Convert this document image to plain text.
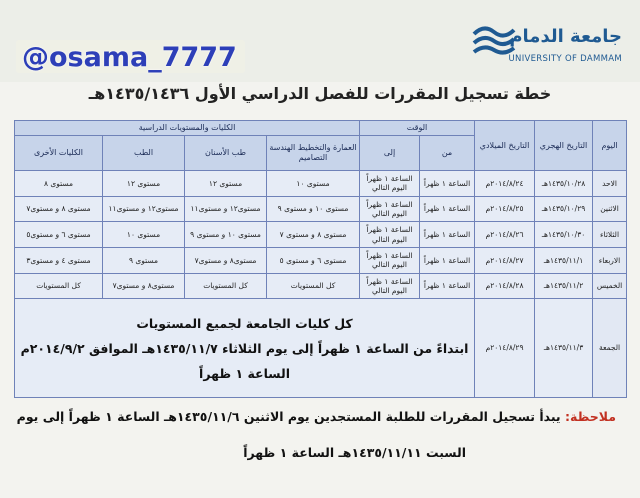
@osama_7777
جامعة الدمام
UNIVERSITY OF DAMMAM
خطة تسجيل المقررات للفصل الدراسي الأول ١٤٣٥/١٤٣٦هـ
اليوم	التاريخ الهجري	التاريخ الميلادي	الوقت		الكليات والمستويات الدراسية			
			من	إلى	العمارة والتخطيط الهندسة التصاميم	طب الأسنان	الطب	الكليات الأخرى
الاحد	١٤٣٥/١٠/٢٨هـ	٢٠١٤/٨/٢٤م	الساعة ١ ظهراً	الساعة ١ ظهراً اليوم التالي	مستوى ١٠	مستوى ١٢	مستوى ١٢	مستوى ٨
الاثنين	١٤٣٥/١٠/٢٩هـ	٢٠١٤/٨/٢٥م	الساعة ١ ظهراً	الساعة ١ ظهراً اليوم التالي	مستوى ١٠ و مستوى ٩	مستوى١٢ و مستوى١١	مستوى١٢ و مستوى١١	مستوى ٨ و مستوى٧
الثلاثاء	١٤٣٥/١٠/٣٠هـ	٢٠١٤/٨/٢٦م	الساعة ١ ظهراً	الساعة ١ ظهراً اليوم التالي	مستوى ٨ و مستوى ٧	مستوى ١٠ و مستوى ٩	مستوى ١٠	مستوى ٦ و مستوى٥
الاربعاء	١٤٣٥/١١/١هـ	٢٠١٤/٨/٢٧م	الساعة ١ ظهراً	الساعة ١ ظهراً اليوم التالي	مستوى ٦ و مستوى ٥	مستوى٨ و مستوى٧	مستوى ٩	مستوى ٤ و مستوى٣
الخميس	١٤٣٥/١١/٢هـ	٢٠١٤/٨/٢٨م	الساعة ١ ظهراً	الساعة ١ ظهراً اليوم التالي	كل المستويات	كل المستويات	مستوى٨ و مستوى٧	كل المستويات
الجمعة	١٤٣٥/١١/٣هـ	٢٠١٤/٨/٢٩م	كل كليات الجامعة لجميع المستويات
ابتداءً من الساعة ١ ظهراً إلى يوم الثلاثاء ١٤٣٥/١١/٧هـ الموافق ٢٠١٤/٩/٢م الساعة ١ ظهراً					
ملاحظة: يبدأ تسجيل المقررات للطلبة المستجدين يوم الاثنين ١٤٣٥/١١/٦هـ الساعة ١ ظهراً إلى يوم
السبت ١٤٣٥/١١/١١هـ الساعة ١ ظهراً
